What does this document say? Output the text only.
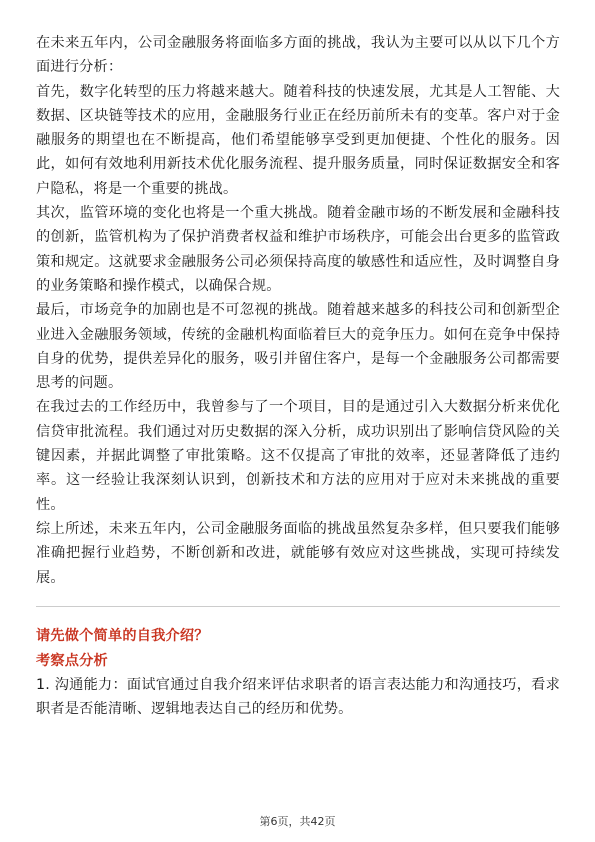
在未来五年内，公司金融服务将面临多方面的挑战，我认为主要可以从以下几个方面进行分析：

首先，数字化转型的压力将越来越大。随着科技的快速发展，尤其是人工智能、大数据、区块链等技术的应用，金融服务行业正在经历前所未有的变革。客户对于金融服务的期望也在不断提高，他们希望能够享受到更加便捷、个性化的服务。因此，如何有效地利用新技术优化服务流程、提升服务质量，同时保证数据安全和客户隐私，将是一个重要的挑战。

其次，监管环境的变化也将是一个重大挑战。随着金融市场的不断发展和金融科技的创新，监管机构为了保护消费者权益和维护市场秩序，可能会出台更多的监管政策和规定。这就要求金融服务公司必须保持高度的敏感性和适应性，及时调整自身的业务策略和操作模式，以确保合规。

最后，市场竞争的加剧也是不可忽视的挑战。随着越来越多的科技公司和创新型企业进入金融服务领域，传统的金融机构面临着巨大的竞争压力。如何在竞争中保持自身的优势，提供差异化的服务，吸引并留住客户，是每一个金融服务公司都需要思考的问题。

在我过去的工作经历中，我曾参与了一个项目，目的是通过引入大数据分析来优化信贷审批流程。我们通过对历史数据的深入分析，成功识别出了影响信贷风险的关键因素，并据此调整了审批策略。这不仅提高了审批的效率，还显著降低了违约率。这一经验让我深刻认识到，创新技术和方法的应用对于应对未来挑战的重要性。

综上所述，未来五年内，公司金融服务面临的挑战虽然复杂多样，但只要我们能够准确把握行业趋势，不断创新和改进，就能够有效应对这些挑战，实现可持续发展。

请先做个简单的自我介绍？

考察点分析

1. 沟通能力：面试官通过自我介绍来评估求职者的语言表达能力和沟通技巧，看求职者是否能清晰、逻辑地表达自己的经历和优势。

第6页，共42页
